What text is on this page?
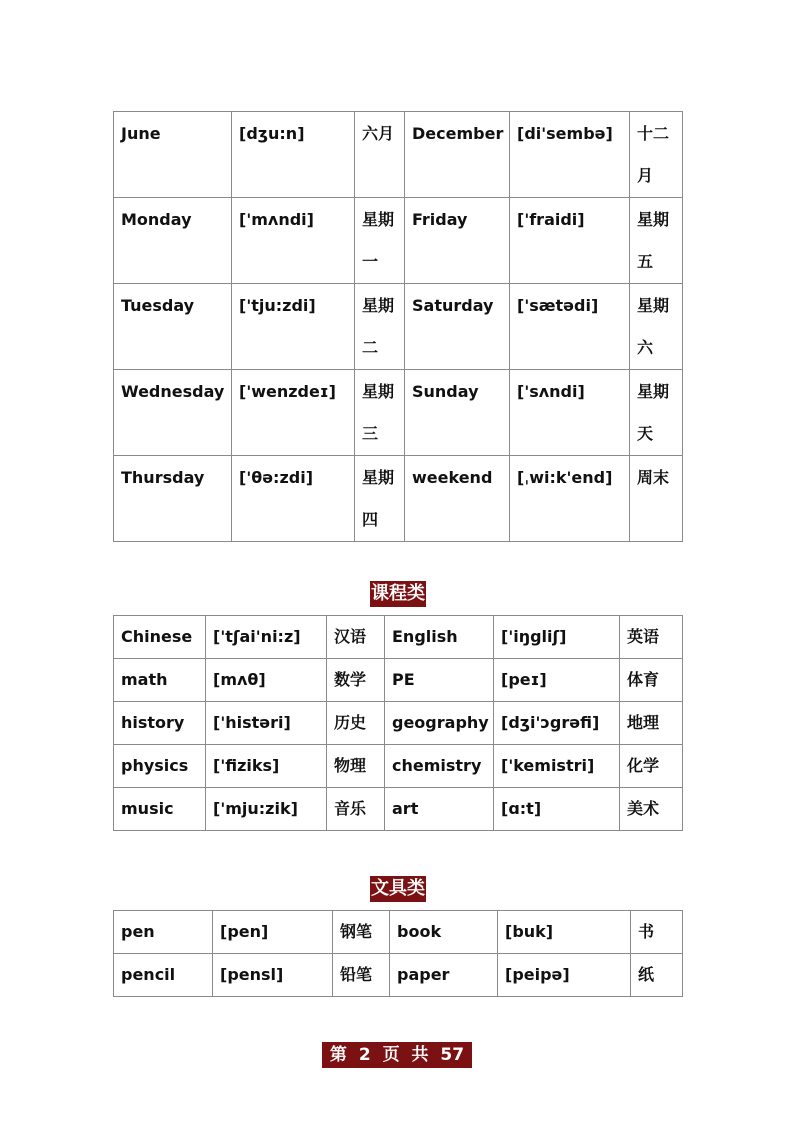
June	[dʒu:n]	六月	December	[di'sembə]	十二月
Monday	['mʌndi]	星期一	Friday	['fraidi]	星期五
Tuesday	['tju:zdi]	星期二	Saturday	['sætədi]	星期六
Wednesday	['wenzdeɪ]	星期三	Sunday	['sʌndi]	星期天
Thursday	['θə:zdi]	星期四	weekend	[ˌwi:k'end]	周末
课程类
Chinese	['tʃai'ni:z]	汉语	English	['iŋgliʃ]	英语
math	[mʌθ]	数学	PE	[peɪ]	体育
history	['histəri]	历史	geography	[dʒi'ɔgrəfi]	地理
physics	['fiziks]	物理	chemistry	['kemistri]	化学
music	['mju:zik]	音乐	art	[ɑ:t]	美术
文具类
pen	[pen]	钢笔	book	[buk]	书
pencil	[pensl]	铅笔	paper	[peipə]	纸
第 2 页 共 57 页
